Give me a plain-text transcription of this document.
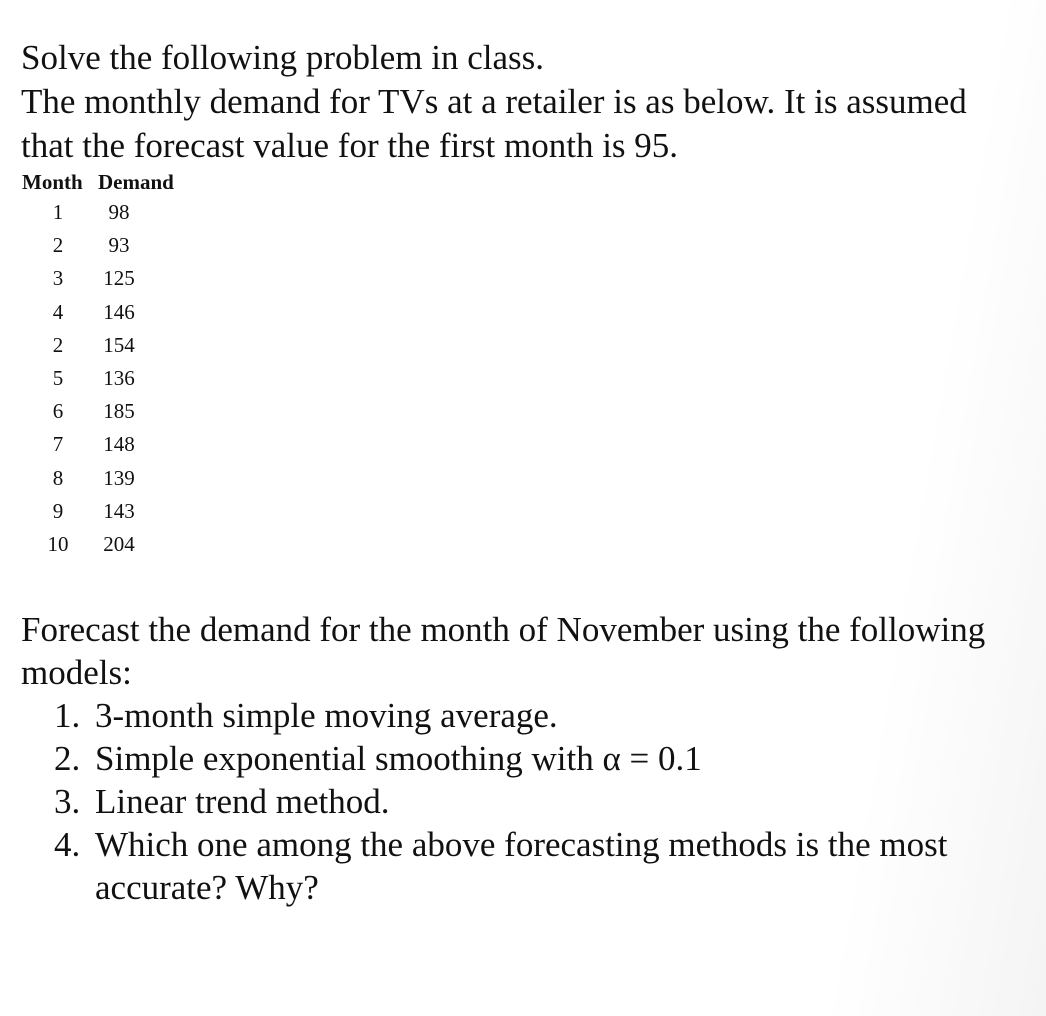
Solve the following problem in class.

The monthly demand for TVs at a retailer is as below. It is assumed

that the forecast value for the first month is 95.

Month	Demand
1	98
2	93
3	125
4	146
2	154
5	136
6	185
7	148
8	139
9	143
10	204

Forecast the demand for the month of November using the following

models:

1. 3-month simple moving average.
2. Simple exponential smoothing with α = 0.1
3. Linear trend method.
4. Which one among the above forecasting methods is the most
accurate? Why?
